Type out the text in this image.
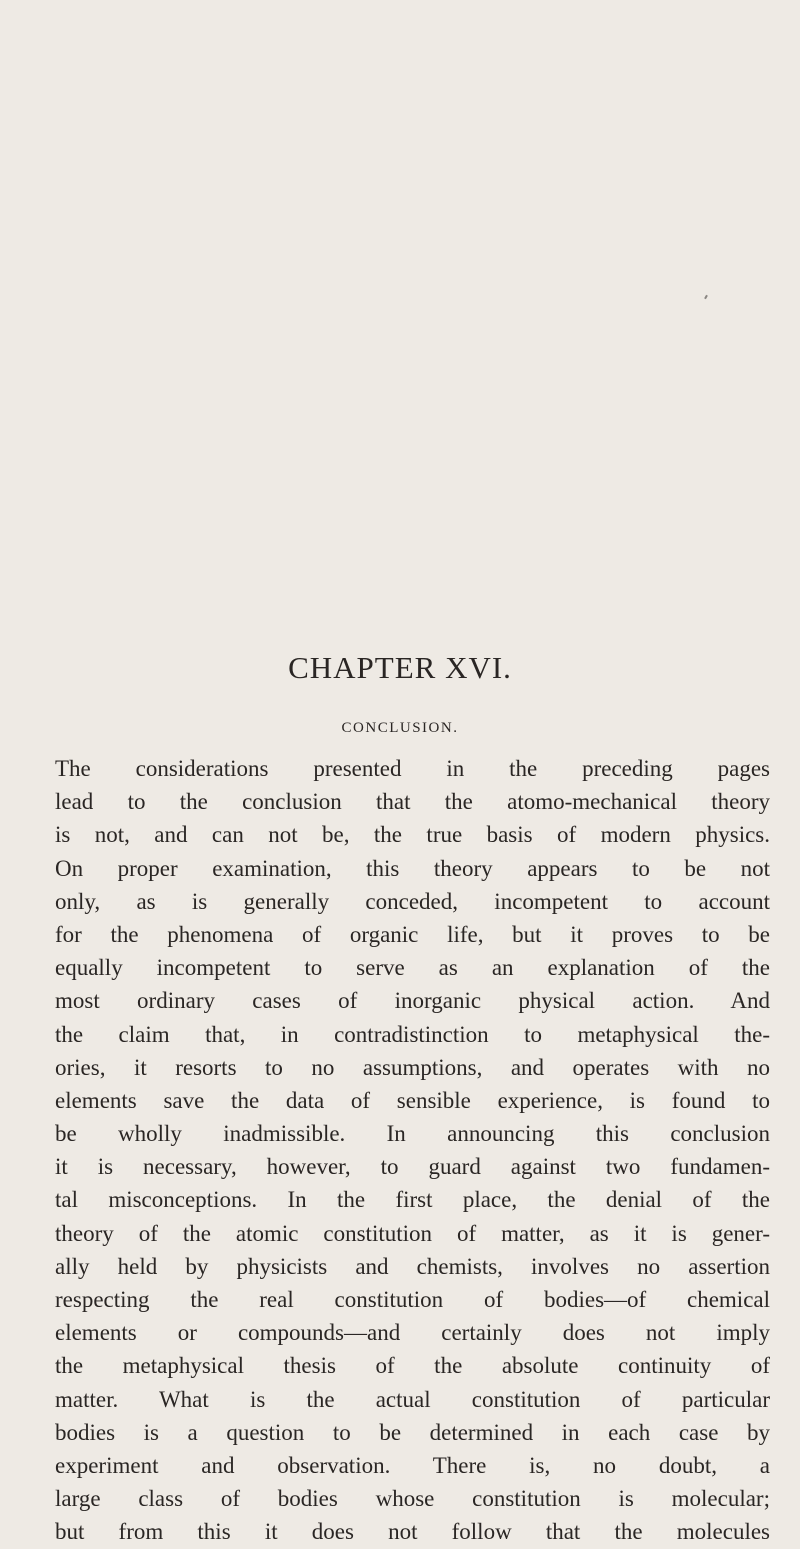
CHAPTER XVI.
CONCLUSION.
The considerations presented in the preceding pages
lead to the conclusion that the atomo-mechanical theory
is not, and can not be, the true basis of modern physics.
On proper examination, this theory appears to be not
only, as is generally conceded, incompetent to account
for the phenomena of organic life, but it proves to be
equally incompetent to serve as an explanation of the
most ordinary cases of inorganic physical action. And
the claim that, in contradistinction to metaphysical the-
ories, it resorts to no assumptions, and operates with no
elements save the data of sensible experience, is found to
be wholly inadmissible. In announcing this conclusion
it is necessary, however, to guard against two fundamen-
tal misconceptions. In the first place, the denial of the
theory of the atomic constitution of matter, as it is gener-
ally held by physicists and chemists, involves no assertion
respecting the real constitution of bodies—of chemical
elements or compounds—and certainly does not imply
the metaphysical thesis of the absolute continuity of
matter. What is the actual constitution of particular
bodies is a question to be determined in each case by
experiment and observation. There is, no doubt, a
large class of bodies whose constitution is molecular;
but from this it does not follow that the molecules
